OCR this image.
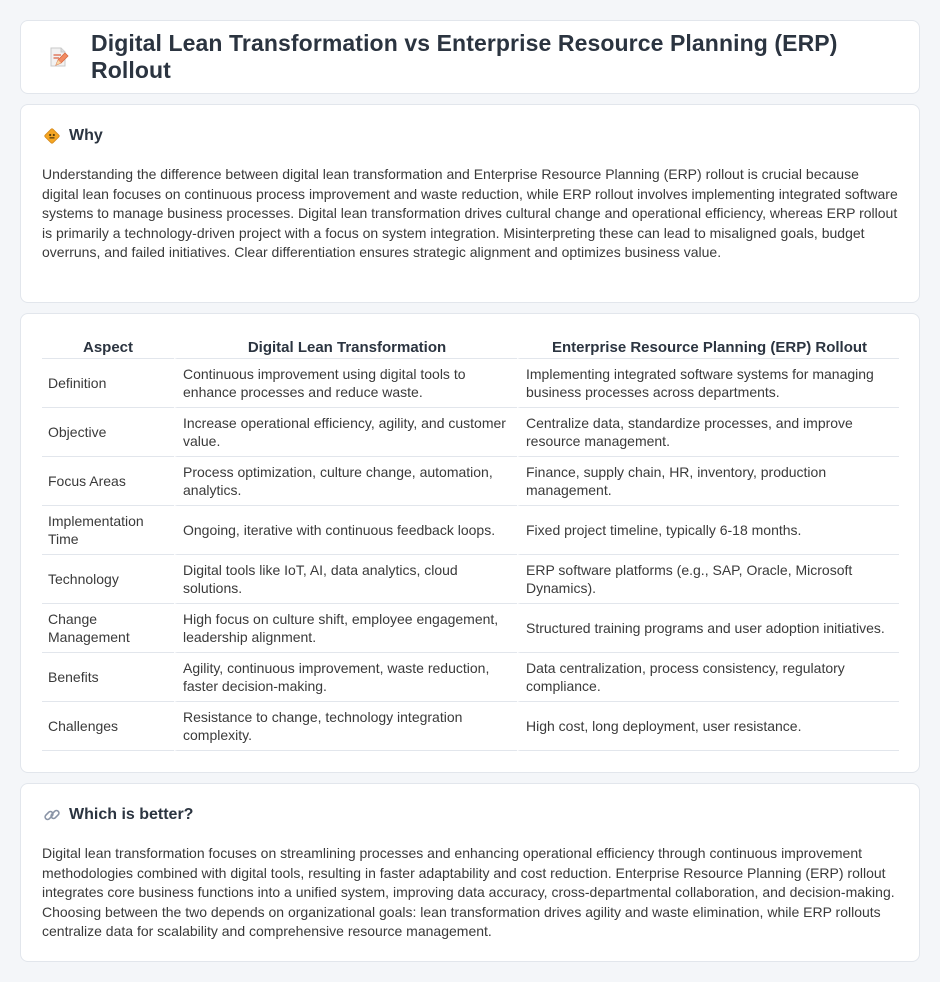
Digital Lean Transformation vs Enterprise Resource Planning (ERP) Rollout
Why

Understanding the difference between digital lean transformation and Enterprise Resource Planning (ERP) rollout is crucial because digital lean focuses on continuous process improvement and waste reduction, while ERP rollout involves implementing integrated software systems to manage business processes. Digital lean transformation drives cultural change and operational efficiency, whereas ERP rollout is primarily a technology-driven project with a focus on system integration. Misinterpreting these can lead to misaligned goals, budget overruns, and failed initiatives. Clear differentiation ensures strategic alignment and optimizes business value.

Aspect	Digital Lean Transformation	Enterprise Resource Planning (ERP) Rollout
Definition	Continuous improvement using digital tools to enhance processes and reduce waste.	Implementing integrated software systems for managing business processes across departments.
Objective	Increase operational efficiency, agility, and customer value.	Centralize data, standardize processes, and improve resource management.
Focus Areas	Process optimization, culture change, automation, analytics.	Finance, supply chain, HR, inventory, production management.
Implementation Time	Ongoing, iterative with continuous feedback loops.	Fixed project timeline, typically 6-18 months.
Technology	Digital tools like IoT, AI, data analytics, cloud solutions.	ERP software platforms (e.g., SAP, Oracle, Microsoft Dynamics).
Change Management	High focus on culture shift, employee engagement, leadership alignment.	Structured training programs and user adoption initiatives.
Benefits	Agility, continuous improvement, waste reduction, faster decision-making.	Data centralization, process consistency, regulatory compliance.
Challenges	Resistance to change, technology integration complexity.	High cost, long deployment, user resistance.
Which is better?

Digital lean transformation focuses on streamlining processes and enhancing operational efficiency through continuous improvement methodologies combined with digital tools, resulting in faster adaptability and cost reduction. Enterprise Resource Planning (ERP) rollout integrates core business functions into a unified system, improving data accuracy, cross-departmental collaboration, and decision-making. Choosing between the two depends on organizational goals: lean transformation drives agility and waste elimination, while ERP rollouts centralize data for scalability and comprehensive resource management.
